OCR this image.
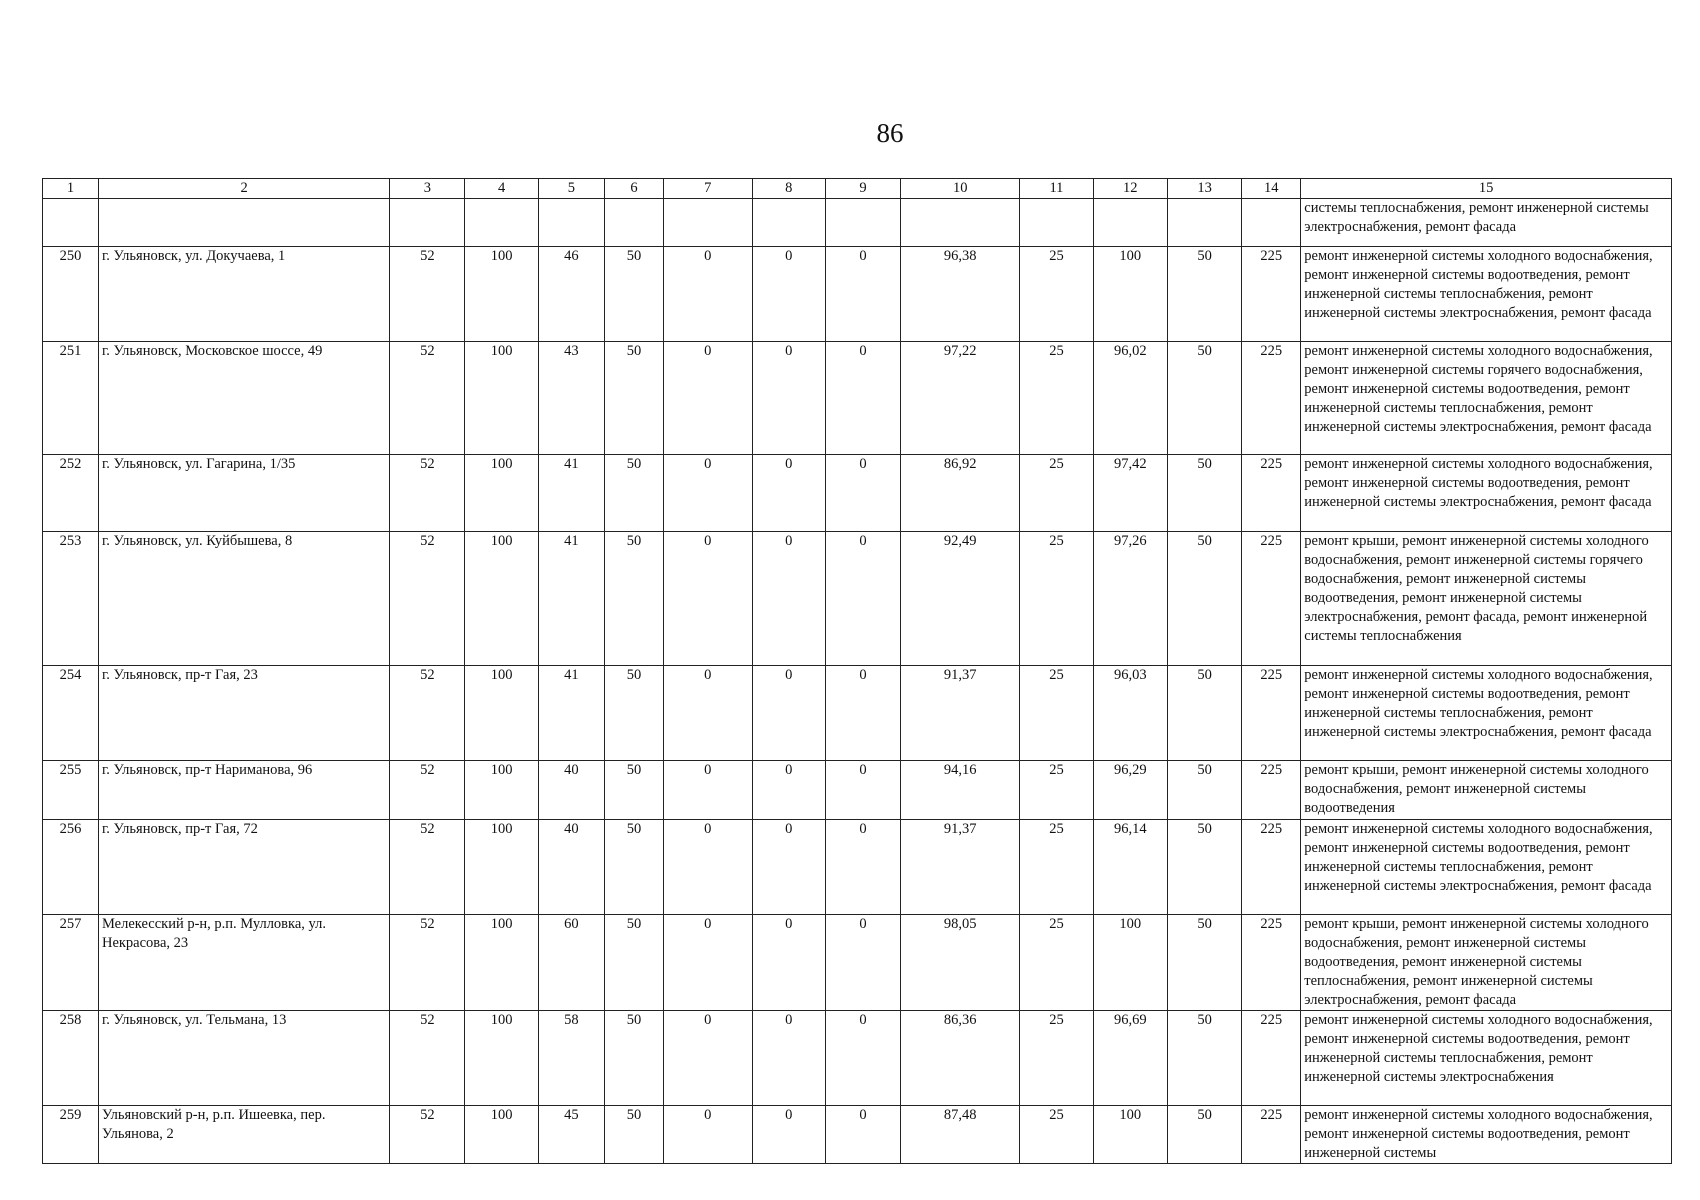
86
1	2	3	4	5	6	7	8	9	10	11	12	13	14	15
														системы теплоснабжения, ремонт инженерной системы электроснабжения, ремонт фасада
250	г. Ульяновск, ул. Докучаева, 1	52	100	46	50	0	0	0	96,38	25	100	50	225	ремонт инженерной системы холодного водоснабжения, ремонт инженерной системы водоотведения, ремонт инженерной системы теплоснабжения, ремонт инженерной системы электроснабжения, ремонт фасада
251	г. Ульяновск, Московское шоссе, 49	52	100	43	50	0	0	0	97,22	25	96,02	50	225	ремонт инженерной системы холодного водоснабжения, ремонт инженерной системы горячего водоснабжения, ремонт инженерной системы водоотведения, ремонт инженерной системы теплоснабжения, ремонт инженерной системы электроснабжения, ремонт фасада
252	г. Ульяновск, ул. Гагарина, 1/35	52	100	41	50	0	0	0	86,92	25	97,42	50	225	ремонт инженерной системы холодного водоснабжения, ремонт инженерной системы водоотведения, ремонт инженерной системы электроснабжения, ремонт фасада
253	г. Ульяновск, ул. Куйбышева, 8	52	100	41	50	0	0	0	92,49	25	97,26	50	225	ремонт крыши, ремонт инженерной системы холодного водоснабжения, ремонт инженерной системы горячего водоснабжения, ремонт инженерной системы водоотведения, ремонт инженерной системы электроснабжения, ремонт фасада, ремонт инженерной системы теплоснабжения
254	г. Ульяновск, пр-т Гая, 23	52	100	41	50	0	0	0	91,37	25	96,03	50	225	ремонт инженерной системы холодного водоснабжения, ремонт инженерной системы водоотведения, ремонт инженерной системы теплоснабжения, ремонт инженерной системы электроснабжения, ремонт фасада
255	г. Ульяновск, пр-т Нариманова, 96	52	100	40	50	0	0	0	94,16	25	96,29	50	225	ремонт крыши, ремонт инженерной системы холодного водоснабжения, ремонт инженерной системы водоотведения
256	г. Ульяновск, пр-т Гая, 72	52	100	40	50	0	0	0	91,37	25	96,14	50	225	ремонт инженерной системы холодного водоснабжения, ремонт инженерной системы водоотведения, ремонт инженерной системы теплоснабжения, ремонт инженерной системы электроснабжения, ремонт фасада
257	Мелекесский р-н, р.п. Мулловка, ул. Некрасова, 23	52	100	60	50	0	0	0	98,05	25	100	50	225	ремонт крыши, ремонт инженерной системы холодного водоснабжения, ремонт инженерной системы водоотведения, ремонт инженерной системы теплоснабжения, ремонт инженерной системы электроснабжения, ремонт фасада
258	г. Ульяновск, ул. Тельмана, 13	52	100	58	50	0	0	0	86,36	25	96,69	50	225	ремонт инженерной системы холодного водоснабжения, ремонт инженерной системы водоотведения, ремонт инженерной системы теплоснабжения, ремонт инженерной системы электроснабжения
259	Ульяновский р-н, р.п. Ишеевка, пер. Ульянова, 2	52	100	45	50	0	0	0	87,48	25	100	50	225	ремонт инженерной системы холодного водоснабжения, ремонт инженерной системы водоотведения, ремонт инженерной системы
